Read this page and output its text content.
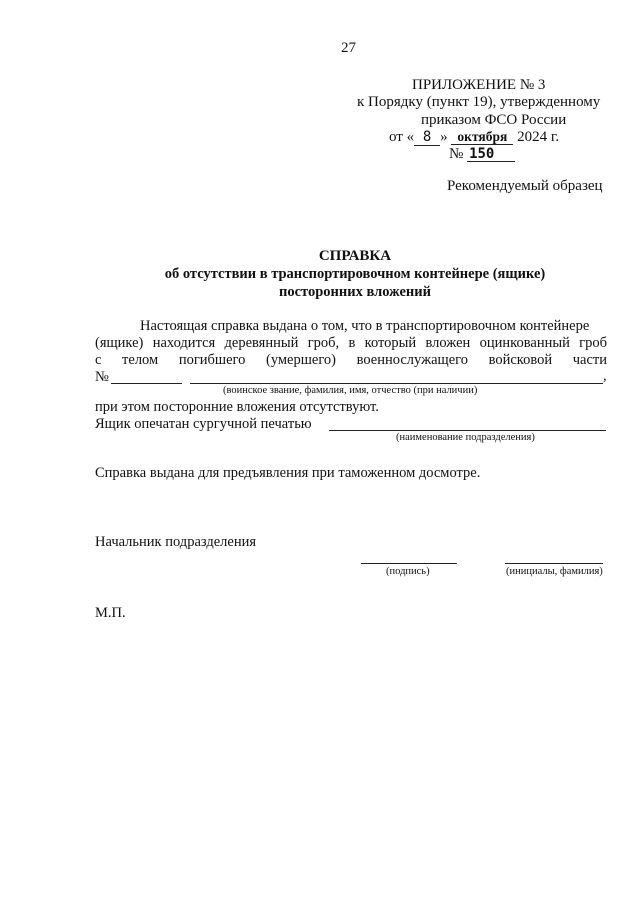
27
ПРИЛОЖЕНИЕ № 3
к Порядку (пункт 19), утвержденному
приказом ФСО России
от « 8 » октября 2024 г.
№ 150
Рекомендуемый образец
СПРАВКА
об отсутствии в транспортировочном контейнере (ящике)
посторонних вложений
Настоящая справка выдана о том, что в транспортировочном контейнере
(ящике) находится деревянный гроб, в который вложен оцинкованный гроб
с телом погибшего (умершего) военнослужащего войсковой части
№	,
(воинское звание, фамилия, имя, отчество (при наличии)
при этом посторонние вложения отсутствуют.
Ящик опечатан сургучной печатью
(наименование подразделения)
Справка выдана для предъявления при таможенном досмотре.
Начальник подразделения
(подпись)	(инициалы, фамилия)
М.П.
